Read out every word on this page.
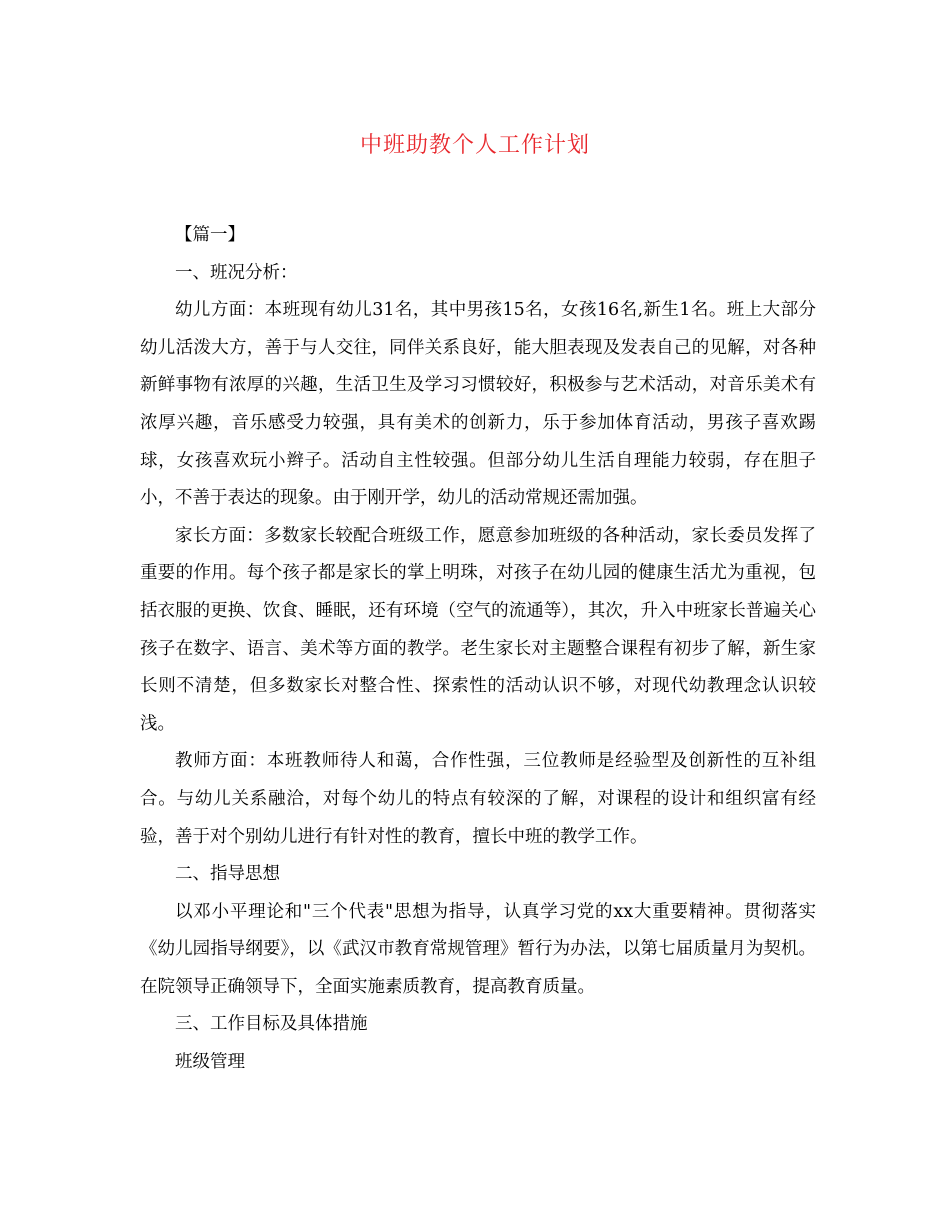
中班助教个人工作计划

【篇一】

一、班况分析：

幼儿方面：本班现有幼儿31名，其中男孩15名，女孩16名,新生1名。班上大部分幼儿活泼大方，善于与人交往，同伴关系良好，能大胆表现及发表自己的见解，对各种新鲜事物有浓厚的兴趣，生活卫生及学习习惯较好，积极参与艺术活动，对音乐美术有浓厚兴趣，音乐感受力较强，具有美术的创新力，乐于参加体育活动，男孩子喜欢踢球，女孩喜欢玩小辫子。活动自主性较强。但部分幼儿生活自理能力较弱，存在胆子小，不善于表达的现象。由于刚开学，幼儿的活动常规还需加强。

家长方面：多数家长较配合班级工作，愿意参加班级的各种活动，家长委员发挥了重要的作用。每个孩子都是家长的掌上明珠，对孩子在幼儿园的健康生活尤为重视，包括衣服的更换、饮食、睡眠，还有环境（空气的流通等），其次，升入中班家长普遍关心孩子在数字、语言、美术等方面的教学。老生家长对主题整合课程有初步了解，新生家长则不清楚，但多数家长对整合性、探索性的活动认识不够，对现代幼教理念认识较浅。

教师方面：本班教师待人和蔼，合作性强，三位教师是经验型及创新性的互补组合。与幼儿关系融洽，对每个幼儿的特点有较深的了解，对课程的设计和组织富有经验，善于对个别幼儿进行有针对性的教育，擅长中班的教学工作。

二、指导思想

以邓小平理论和"三个代表"思想为指导，认真学习党的xx大重要精神。贯彻落实《幼儿园指导纲要》，以《武汉市教育常规管理》暂行为办法，以第七届质量月为契机。在院领导正确领导下，全面实施素质教育，提高教育质量。

三、工作目标及具体措施

班级管理
